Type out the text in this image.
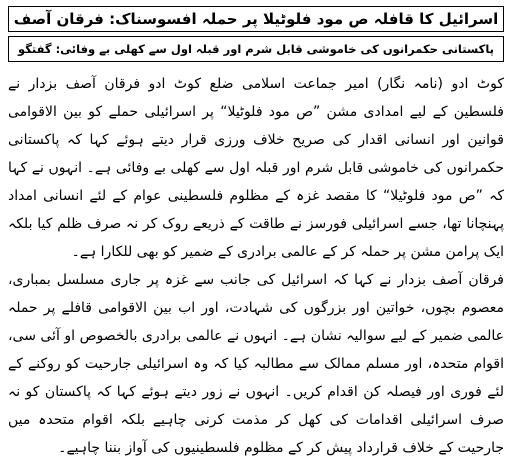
اسرائیل کا قافلہ ص مود فلوٹیلا پر حملہ افسوسناک: فرقان آصف
پاکستانی حکمرانوں کی خاموشی قابل شرم اور قبلہ اول سے کھلی بے وفائی: گفتگو

کوٹ ادو (نامہ نگار) امیر جماعت اسلامی ضلع کوٹ ادو فرقان آصف بزدار نے فلسطین کے لیے امدادی مشن ”ص مود فلوٹیلا“ پر اسرائیلی حملے کو بین الاقوامی قوانین اور انسانی اقدار کی صریح خلاف ورزی قرار دیتے ہوئے کہا کہ پاکستانی حکمرانوں کی خاموشی قابل شرم اور قبلہ اول سے کھلی بے وفائی ہے۔ انہوں نے کہا کہ ”ص مود فلوٹیلا“ کا مقصد غزہ کے مظلوم فلسطینی عوام کے لئے انسانی امداد پہنچانا تھا، جسے اسرائیلی فورسز نے طاقت کے ذریعے روک کر نہ صرف ظلم کیا بلکہ ایک پرامن مشن پر حملہ کر کے عالمی برادری کے ضمیر کو بھی للکارا ہے۔

فرقان آصف بزدار نے کہا کہ اسرائیل کی جانب سے غزہ پر جاری مسلسل بمباری، معصوم بچوں، خواتین اور بزرگوں کی شہادت، اور اب بین الاقوامی قافلے پر حملہ عالمی ضمیر کے لیے سوالیہ نشان ہے۔ انہوں نے عالمی برادری بالخصوص او آئی سی، اقوام متحدہ، اور مسلم ممالک سے مطالبہ کیا کہ وہ اسرائیلی جارحیت کو روکنے کے لئے فوری اور فیصلہ کن اقدام کریں۔ انہوں نے زور دیتے ہوئے کہا کہ پاکستان کو نہ صرف اسرائیلی اقدامات کی کھل کر مذمت کرنی چاہیے بلکہ اقوام متحدہ میں جارحیت کے خلاف قرارداد پیش کر کے مظلوم فلسطینیوں کی آواز بننا چاہیے۔
